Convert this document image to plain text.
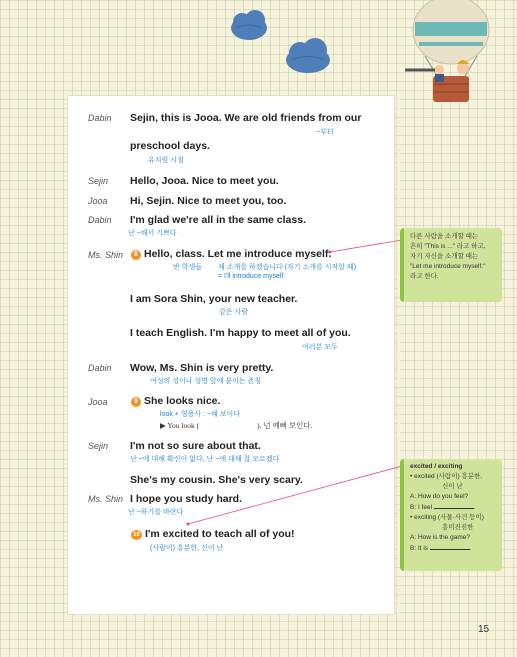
Dabin Sejin, this is Jooa. We are old friends from our
~부터
preschool days.
유치원 시절
Sejin Hello, Jooa. Nice to meet you.
Jooa Hi, Sejin. Nice to meet you, too.
Dabin I'm glad we're all in the same class.
난 ~해서 기쁘다
Ms. Shin	8 Hello, class. Let me introduce myself.
반 학생들 제 소개를 하겠습니다 (자기 소개를 시작할 때)
= I'll introduce myself.
I am Sora Shin, your new teacher.
같은 사람
I teach English. I'm happy to meet all of you.
여러분 모두
Dabin Wow, Ms. Shin is very pretty.
여성의 성이나 성명 앞에 붙이는 존칭
Jooa	9 She looks nice.
look + 형용사 : ~해 보이다
▶ You look (	). 넌 예뻐 보인다.
Sejin I'm not so sure about that.
난 ~에 대해 확신이 없다, 난 ~에 대해 잘 모르겠다
She's my cousin. She's very scary.
Ms. Shin I hope you study hard.
난 ~하기를 바란다
10 I'm excited to teach all of you!
(사람이) 흥분한, 신이 난
다른 사람을 소개할 때는
흔히 "This is ..." 라고 하고,
자기 자신을 소개할 때는
"Let me introduce myself."
라고 한다.
excited / exciting
• excited (사람이) 흥분한,
신이 난
A: How do you feel?
B: I feel	.
• exciting (사물·사건 등이)
흥미진진한
A: How is the game?
B: It is	.
15
